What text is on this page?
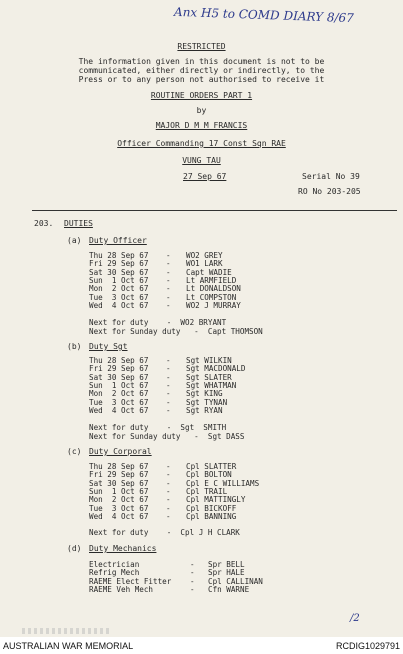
Anx H5 to COMD DIARY 8/67
RESTRICTED
The information given in this document is not to be
communicated, either directly or indirectly, to the
Press or to any person not authorised to receive it
ROUTINE ORDERS PART 1
by
MAJOR D M M FRANCIS
Officer Commanding 17 Const Sqn RAE
VUNG TAU
27 Sep 67	Serial No 39
RO No 203-205
203. DUTIES
(a) Duty Officer
Thu 28 Sep 67 - WO2 GREY
Fri 29 Sep 67 - WO1 LARK
Sat 30 Sep 67 - Capt WADIE
Sun  1 Oct 67 - Lt ARMFIELD
Mon  2 Oct 67 - Lt DONALDSON
Tue  3 Oct 67 - Lt COMPSTON
Wed  4 Oct 67 - WO2 J MURRAY
Next for duty    -  WO2 BRYANT
Next for Sunday duty   -  Capt THOMSON
(b) Duty Sgt
Thu 28 Sep 67 - Sgt WILKIN
Fri 29 Sep 67 - Sgt MACDONALD
Sat 30 Sep 67 - Sgt SLATER
Sun  1 Oct 67 - Sgt WHATMAN
Mon  2 Oct 67 - Sgt KING
Tue  3 Oct 67 - Sgt TYNAN
Wed  4 Oct 67 - Sgt RYAN
Next for duty    -  Sgt  SMITH
Next for Sunday duty   -  Sgt DASS
(c) Duty Corporal
Thu 28 Sep 67 - Cpl SLATTER
Fri 29 Sep 67 - Cpl BOLTON
Sat 30 Sep 67 - Cpl E C WILLIAMS
Sun  1 Oct 67 - Cpl TRAIL
Mon  2 Oct 67 - Cpl MATTINGLY
Tue  3 Oct 67 - Cpl BICKOFF
Wed  4 Oct 67 - Cpl BANNING
Next for duty    -  Cpl J H CLARK
(d) Duty Mechanics
Electrician	- Spr BELL
Refrig Mech	- Spr HALE
RAEME Elect Fitter - Cpl CALLINAN
RAEME Veh Mech	- Cfn WARNE
/2
AUSTRALIAN WAR MEMORIAL	RCDIG1029791
